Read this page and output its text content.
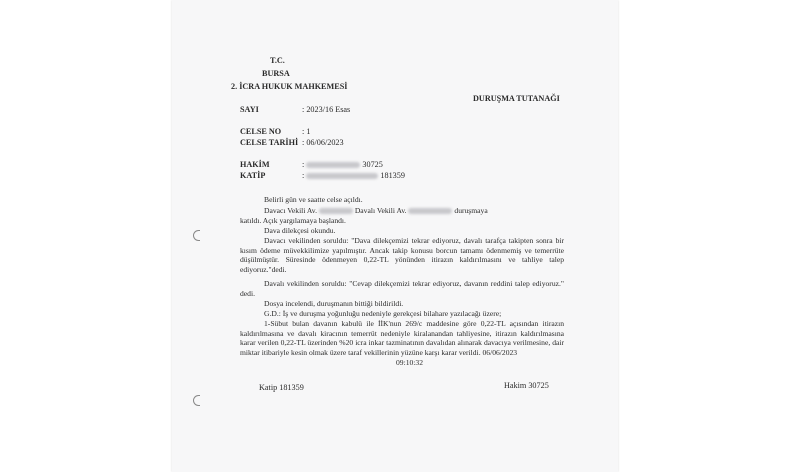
T.C.
BURSA
2. İCRA HUKUK MAHKEMESİ
DURUŞMA TUTANAĞI
SAYI	: 2023/16 Esas
CELSE NO	: 1
CELSE TARİHİ : 06/06/2023
HAKİM	:	30725
KATİP	:	181359
Belirli gün ve saatte celse açıldı.
Davacı Vekili Av.	Davalı Vekili Av.	duruşmaya
katıldı. Açık yargılamaya başlandı.
Dava dilekçesi okundu.
Davacı vekilinden soruldu: "Dava dilekçemizi tekrar ediyoruz, davalı tarafça takipten sonra bir kısım ödeme müvekkilimize yapılmıştır. Ancak takip konusu borcun tamamı ödenmemiş ve temerrüte düşülmüştür. Süresinde ödenmeyen 0,22-TL yönünden itirazın kaldırılmasını ve tahliye talep ediyoruz."dedi.
Davalı vekilinden soruldu: "Cevap dilekçemizi tekrar ediyoruz, davanın reddini talep ediyoruz." dedi.
Dosya incelendi, duruşmanın bittiği bildirildi.
G.D.: İş ve duruşma yoğunluğu nedeniyle gerekçesi bilahare yazılacağı üzere;
1-Sübut bulan davanın kabulü ile İİK'nun 269/c maddesine göre 0,22-TL açısından itirazın kaldırılmasına ve davalı kiracının temerrüt nedeniyle kiralanandan tahliyesine, itirazın kaldırılmasına karar verilen 0,22-TL üzerinden %20 icra inkar tazminatının davalıdan alınarak davacıya verilmesine, dair miktar itibariyle kesin olmak üzere taraf vekillerinin yüzüne karşı karar verildi. 06/06/2023
09:10:32
Katip 181359	Hakim 30725
